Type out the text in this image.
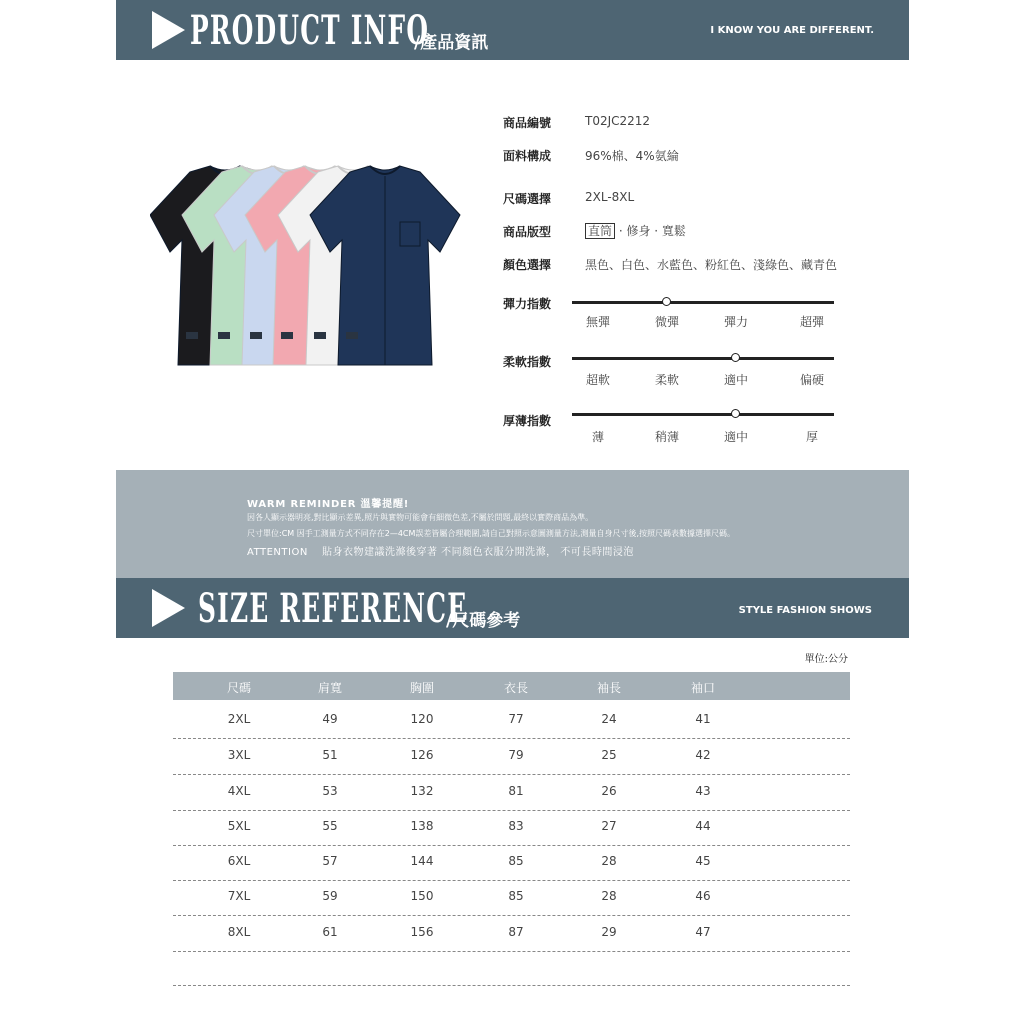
PRODUCT INFO
/產品資訊
I KNOW YOU ARE DIFFERENT.
商品編號	T02JC2212
面料構成	96%棉、4%氨綸
尺碼選擇	2XL-8XL
商品版型	直筒 · 修身 · 寬鬆
顏色選擇	黑色、白色、水藍色、粉紅色、淺綠色、藏青色
彈力指數
無彈	微彈	彈力	超彈
柔軟指數
超軟	柔軟	適中	偏硬
厚薄指數
薄	稍薄	適中	厚
WARM REMINDER 溫馨提醒!
因各人顯示器明亮,對比顯示差異,照片與實物可能會有細微色差,不屬於問題,最終以實際商品為準。
尺寸單位:CM 因手工測量方式不同存在2—4CM誤差皆屬合理範圍,請自己對照示意圖測量方法,測量自身尺寸後,按照尺碼表數據選擇尺碼。
ATTENTION　 貼身衣物建議洗滌後穿著 不同顏色衣服分開洗滌， 不可長時間浸泡
SIZE REFERENCE
/尺碼參考
STYLE FASHION SHOWS
單位:公分
尺碼	肩寬	胸圍	衣長	袖長	袖口
2XL	49	120	77	24	41
3XL	51	126	79	25	42
4XL	53	132	81	26	43
5XL	55	138	83	27	44
6XL	57	144	85	28	45
7XL	59	150	85	28	46
8XL	61	156	87	29	47
